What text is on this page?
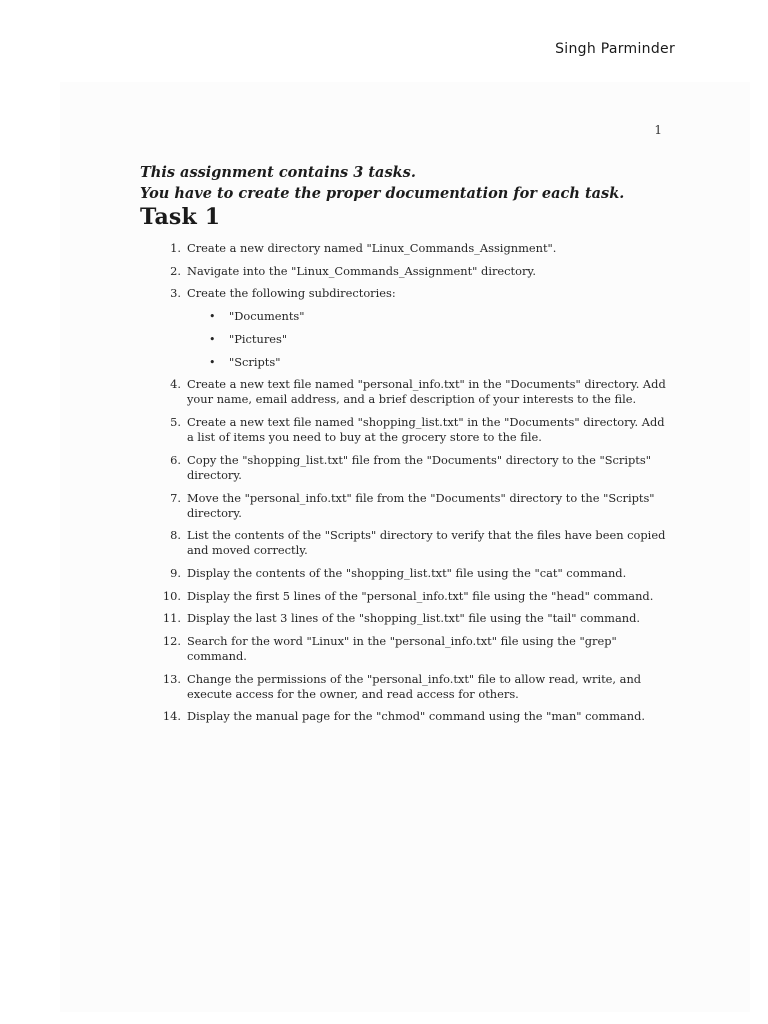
Singh Parminder
1

This assignment contains 3 tasks.

You have to create the proper documentation for each task.

Task 1
1. Create a new directory named "Linux_Commands_Assignment".
2. Navigate into the "Linux_Commands_Assignment" directory.
3. Create the following subdirectories:
•	"Documents"
•	"Pictures"
•	"Scripts"
4. Create a new text file named "personal_info.txt" in the "Documents" directory. Add your name, email address, and a brief description of your interests to the file.
5. Create a new text file named "shopping_list.txt" in the "Documents" directory. Add a list of items you need to buy at the grocery store to the file.
6. Copy the "shopping_list.txt" file from the "Documents" directory to the "Scripts" directory.
7. Move the "personal_info.txt" file from the "Documents" directory to the "Scripts" directory.
8. List the contents of the "Scripts" directory to verify that the files have been copied and moved correctly.
9. Display the contents of the "shopping_list.txt" file using the "cat" command.
10. Display the first 5 lines of the "personal_info.txt" file using the "head" command.
11. Display the last 3 lines of the "shopping_list.txt" file using the "tail" command.
12. Search for the word "Linux" in the "personal_info.txt" file using the "grep" command.
13. Change the permissions of the "personal_info.txt" file to allow read, write, and execute access for the owner, and read access for others.
14. Display the manual page for the "chmod" command using the "man" command.
